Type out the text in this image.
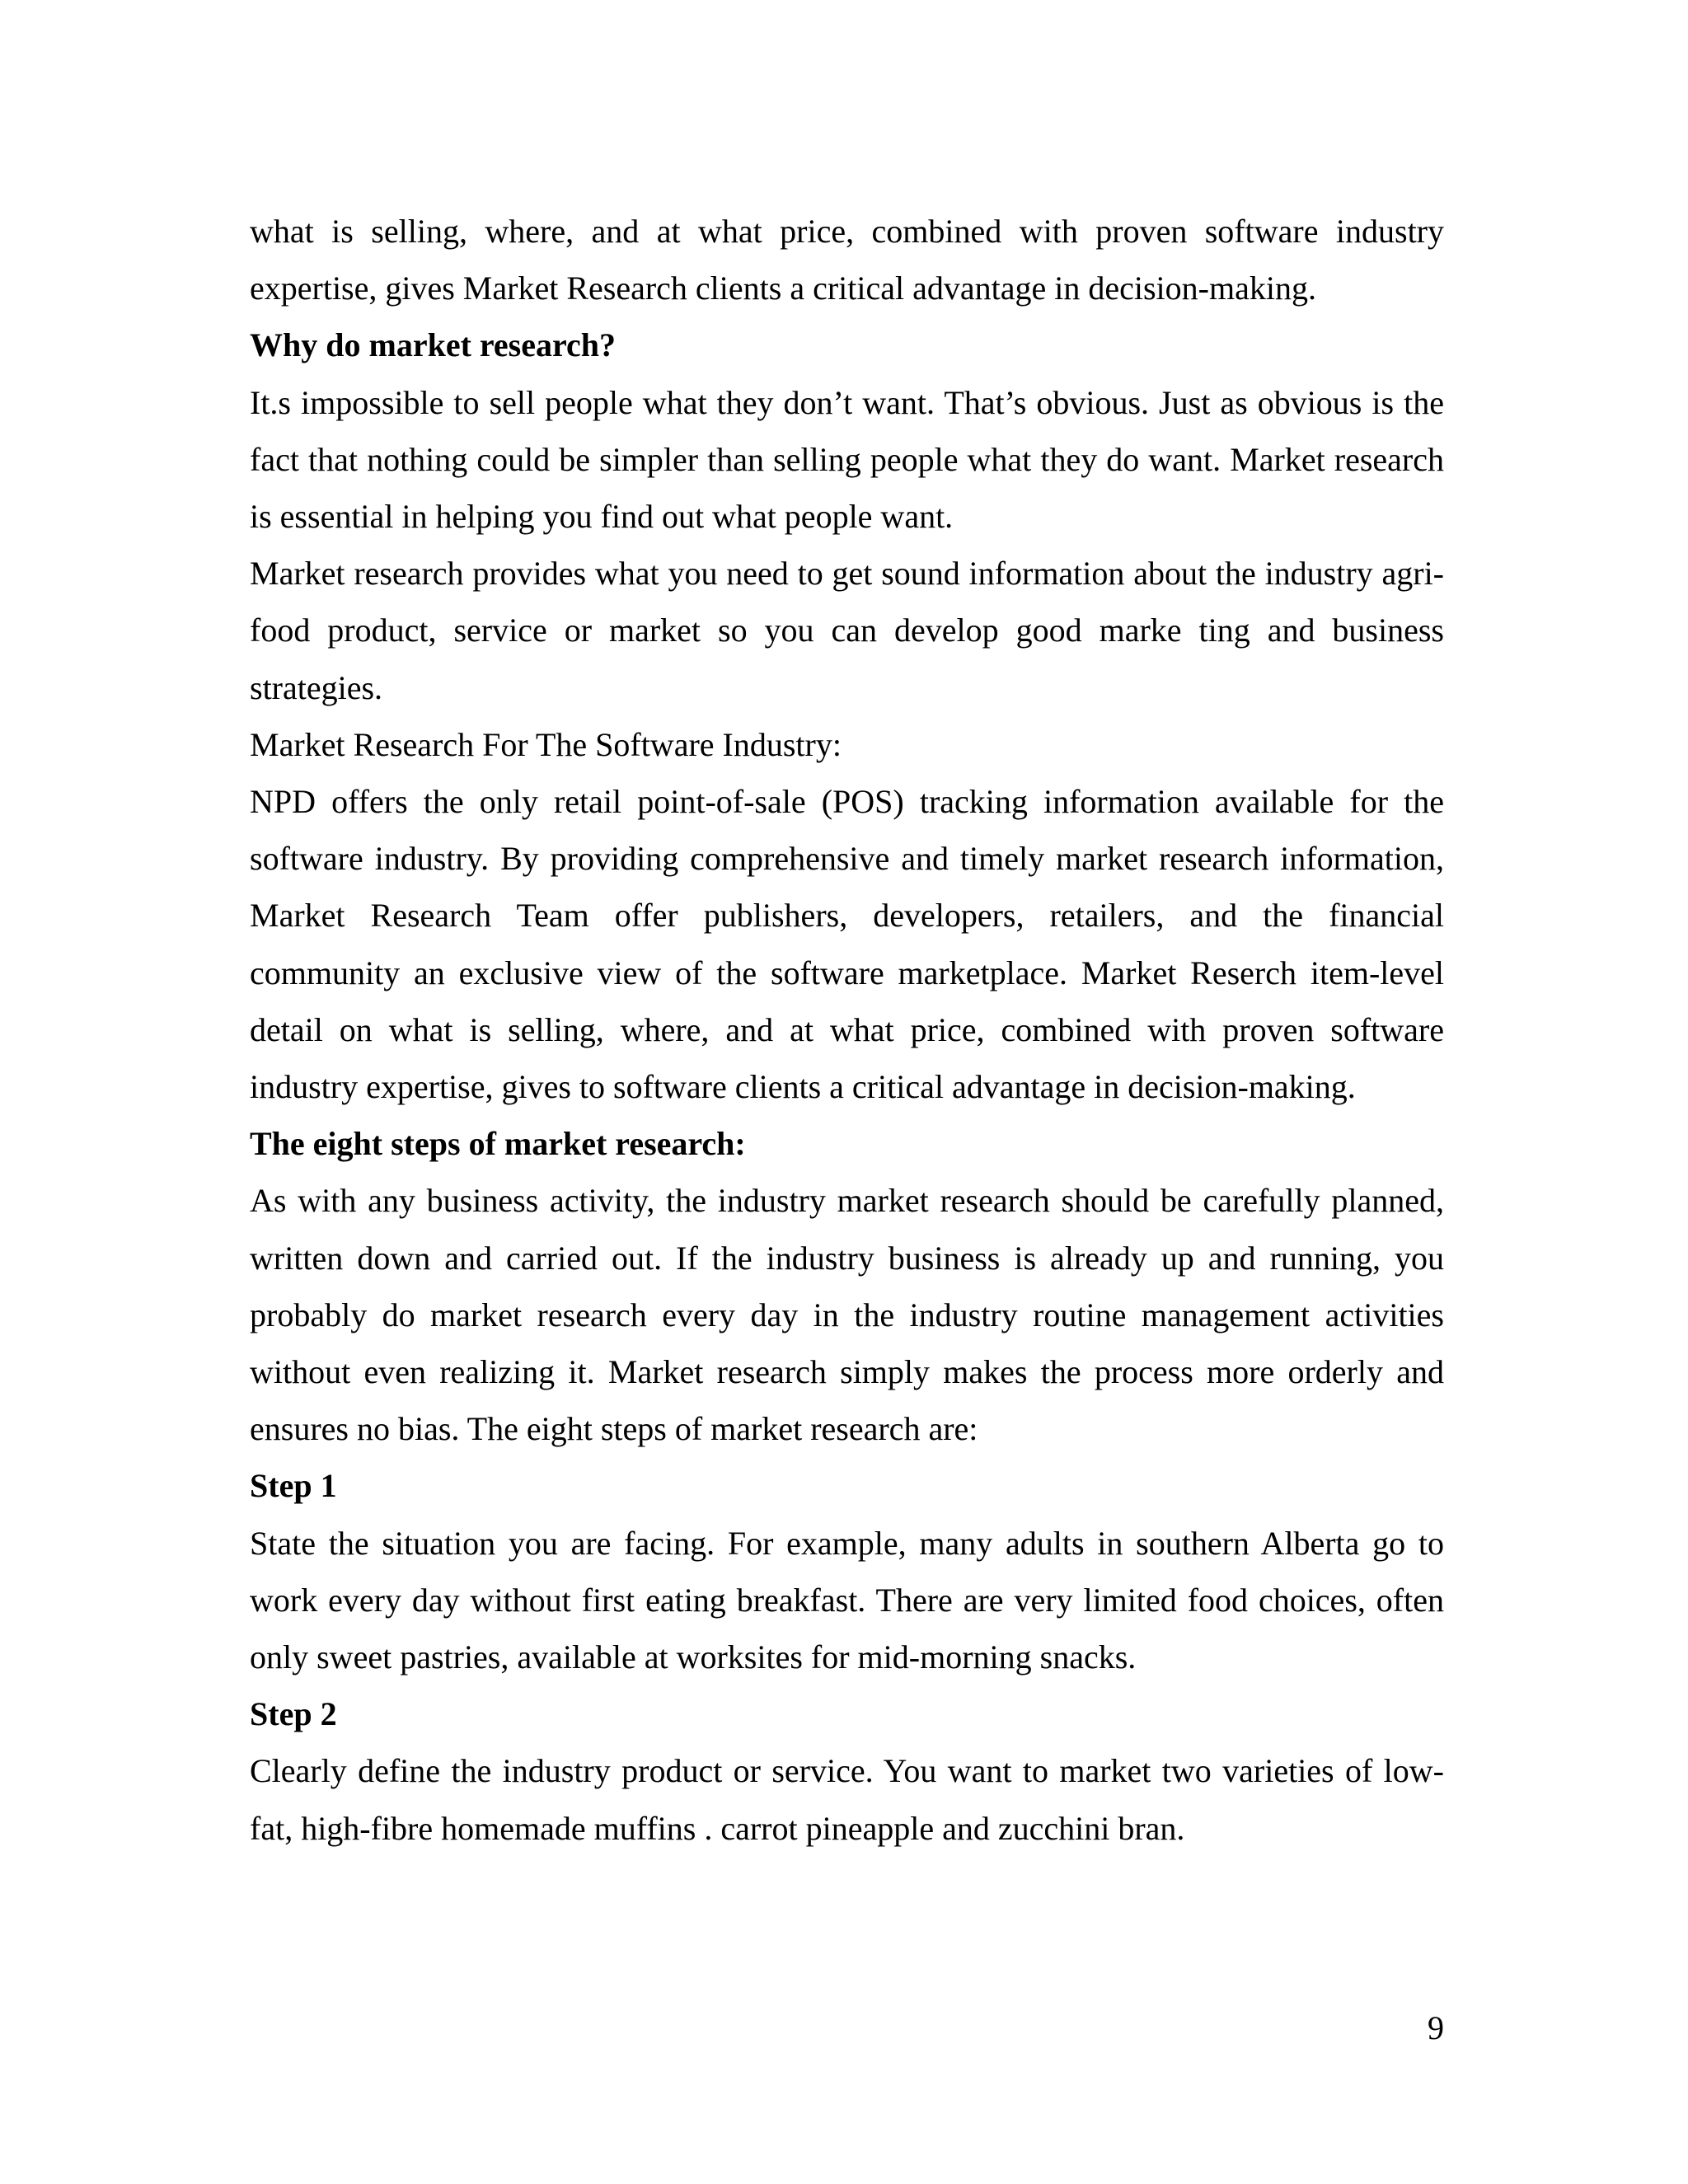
what is selling, where, and at what price, combined with proven software industry expertise, gives Market Research clients a critical advantage in decision-making.

Why do market research?

It.s impossible to sell people what they don’t want. That’s obvious. Just as obvious is the fact that nothing could be simpler than selling people what they do want. Market research is essential in helping you find out what people want.

Market research provides what you need to get sound information about the industry agri-food product, service or market so you can develop good marke ting and business strategies.

Market Research For The Software Industry:

NPD offers the only retail point-of-sale (POS) tracking information available for the software industry. By providing comprehensive and timely market research information, Market Research Team offer publishers, developers, retailers, and the financial community an exclusive view of the software marketplace. Market Reserch item-level detail on what is selling, where, and at what price, combined with proven software industry expertise, gives to software clients a critical advantage in decision-making.

The eight steps of market research:

As with any business activity, the industry market research should be carefully planned, written down and carried out. If the industry business is already up and running, you probably do market research every day in the industry routine management activities without even realizing it. Market research simply makes the process more orderly and ensures no bias. The eight steps of market research are:

Step 1

State the situation you are facing. For example, many adults in southern Alberta go to work every day without first eating breakfast. There are very limited food choices, often only sweet pastries, available at worksites for mid-morning snacks.

Step 2

Clearly define the industry product or service. You want to market two varieties of low-fat, high-fibre homemade muffins . carrot pineapple and zucchini bran.

9
